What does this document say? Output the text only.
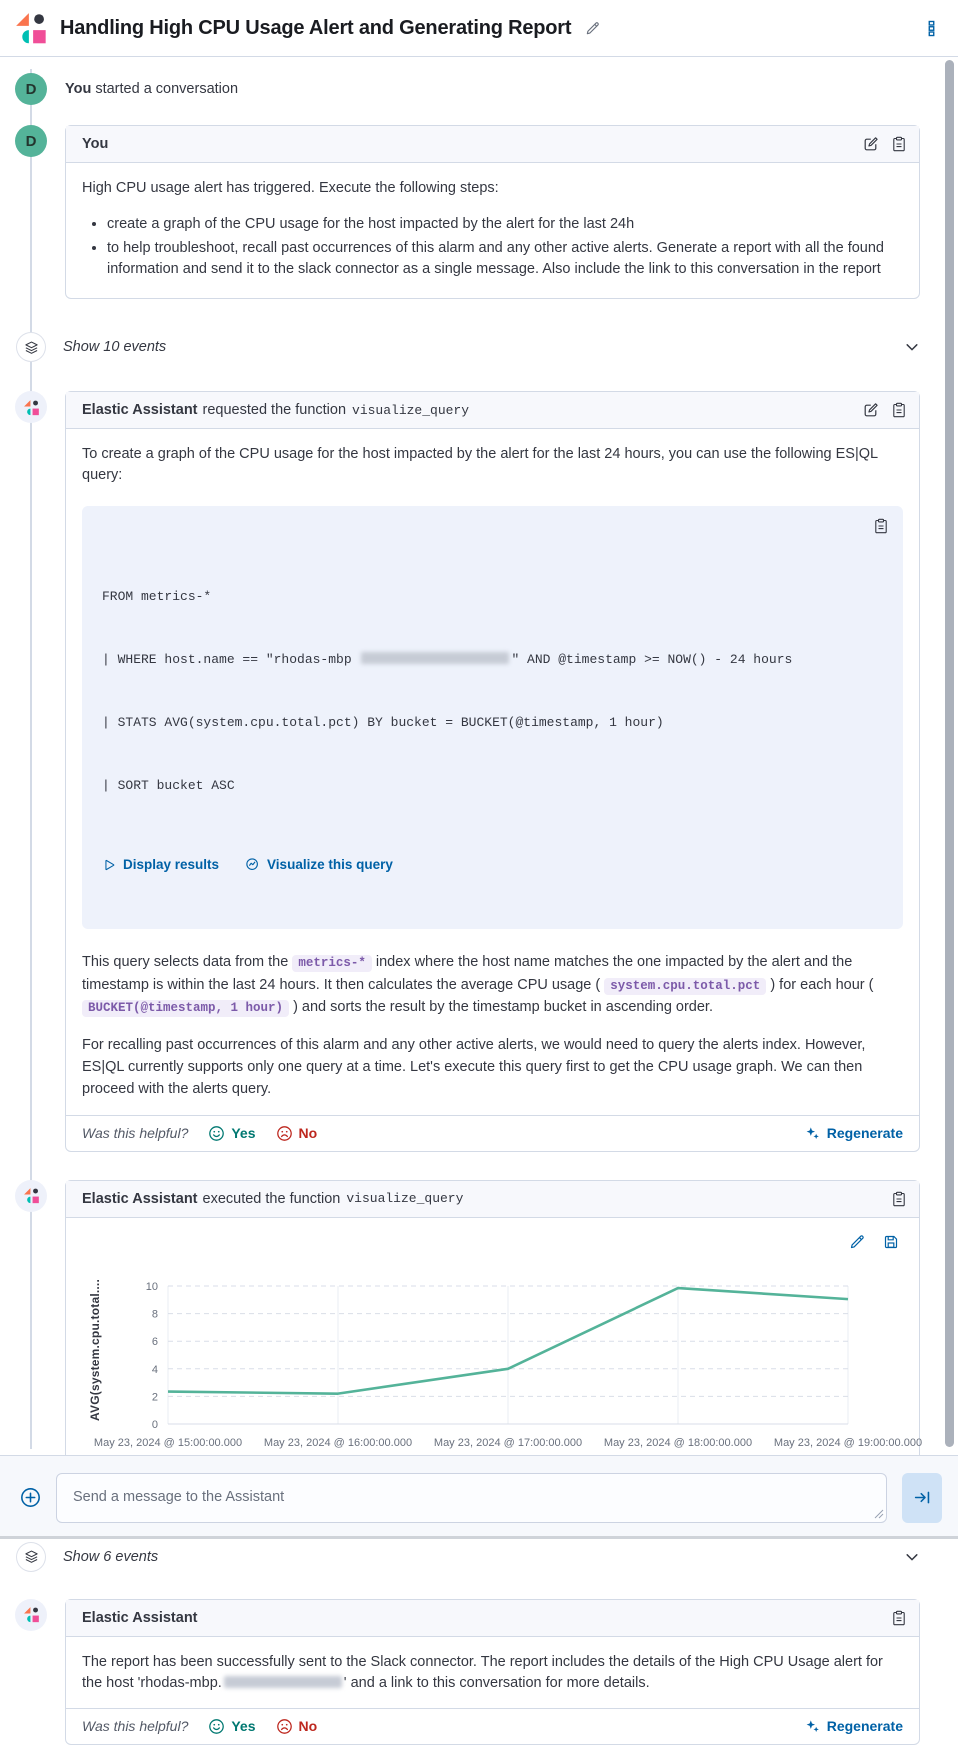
Handling High CPU Usage Alert and Generating Report
D You started a conversation
D	You

High CPU usage alert has triggered. Execute the following steps:

• create a graph of the CPU usage for the host impacted by the alert for the last 24h
• to help troubleshoot, recall past occurrences of this alarm and any other active alerts. Generate a report with all the found information and send it to the slack connector as a single message. Also include the link to this conversation in the report
Show 10 events
Elastic Assistant requested the function visualize_query

To create a graph of the CPU usage for the host impacted by the alert for the last 24 hours, you can use the following ES|QL query:

FROM metrics-*

| WHERE host.name == "rhodas-mbp	" AND @timestamp >= NOW() - 24 hours

| STATS AVG(system.cpu.total.pct) BY bucket = BUCKET(@timestamp, 1 hour)

| SORT bucket ASC

Display results	Visualize this query

This query selects data from the metrics-* index where the host name matches the one impacted by the alert and the timestamp is within the last 24 hours. It then calculates the average CPU usage ( system.cpu.total.pct ) for each hour ( BUCKET(@timestamp, 1 hour) ) and sorts the result by the timestamp bucket in ascending order.

For recalling past occurrences of this alarm and any other active alerts, we would need to query the alerts index. However, ES|QL currently supports only one query at a time. Let's execute this query first to get the CPU usage graph. We can then proceed with the alerts query.

Was this helpful?	Yes	No	Regenerate
Elastic Assistant executed the function visualize_query
AVG(system.cpu.total....
May 23, 2024 @ 15:00:00.000 May 23, 2024 @ 16:00:00.000 May 23, 2024 @ 17:00:00.000 May 23, 2024 @ 18:00:00.000 May 23, 2024 @ 19:00:00.000
0
2
4
6
8
10
Show 6 events
Elastic Assistant

The report has been successfully sent to the Slack connector. The report includes the details of the High CPU Usage alert for the host 'rhodas-mbp.	' and a link to this conversation for more details.

Was this helpful?	Yes	No	Regenerate
Send a message to the Assistant
